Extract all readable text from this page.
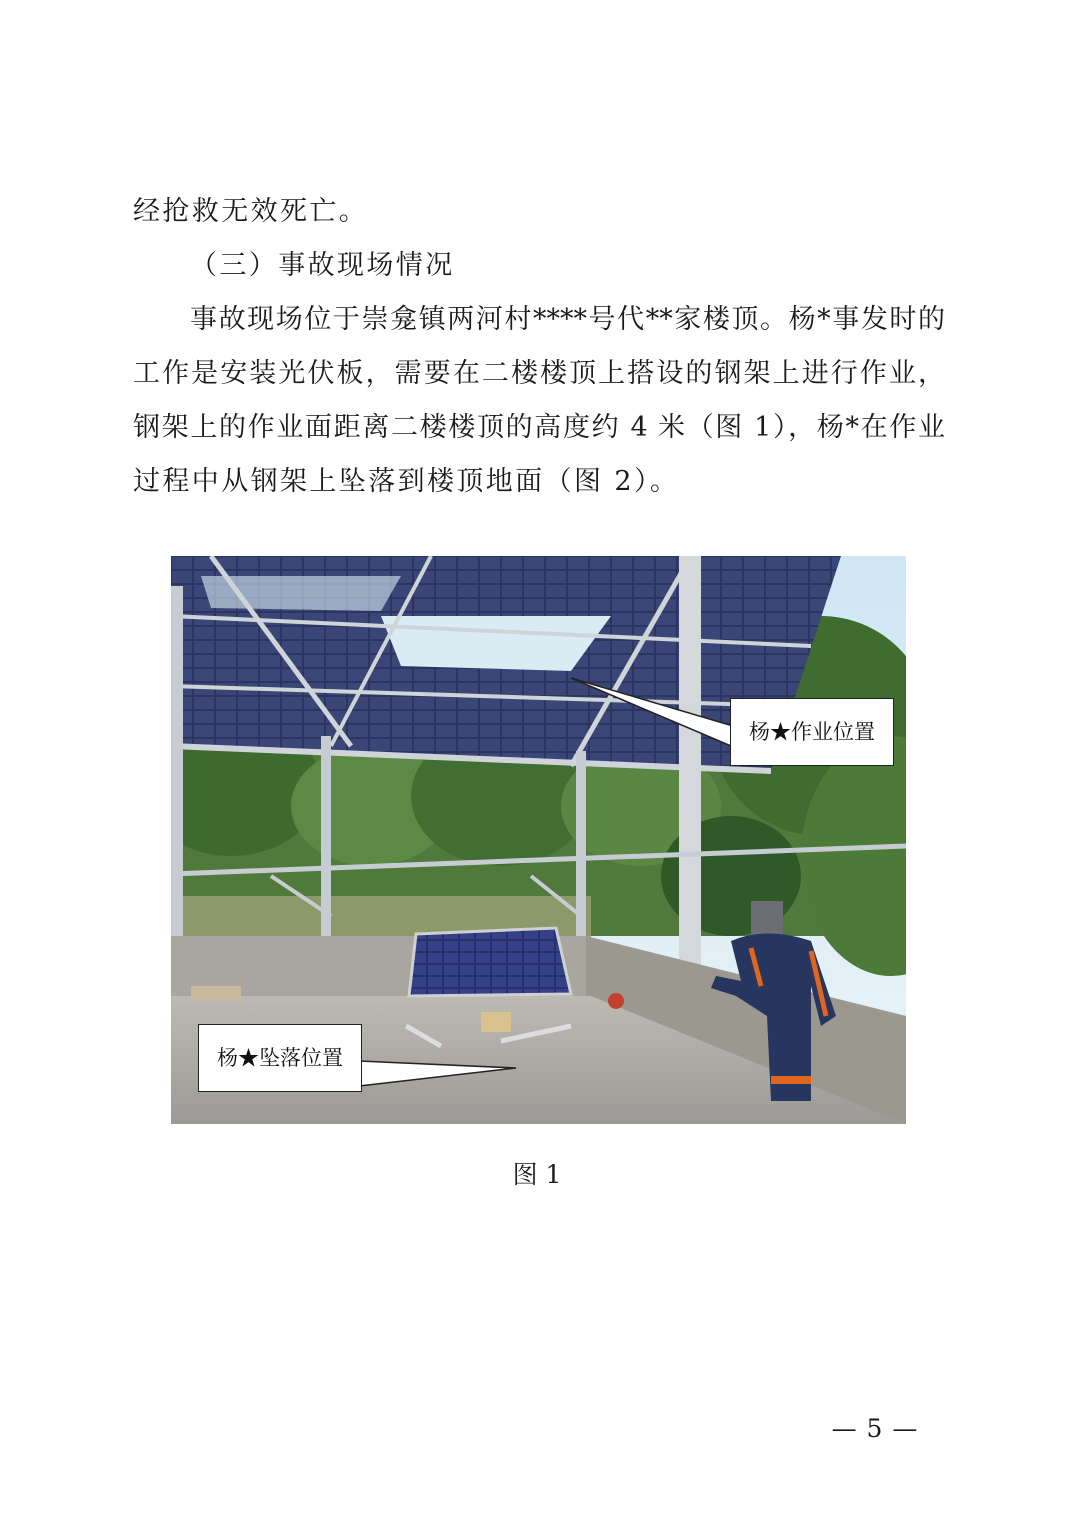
经抢救无效死亡。
（三）事故现场情况
事故现场位于崇龛镇两河村****号代**家楼顶。杨*事发时的
工作是安装光伏板，需要在二楼楼顶上搭设的钢架上进行作业，
钢架上的作业面距离二楼楼顶的高度约 4 米（图 1），杨*在作业
过程中从钢架上坠落到楼顶地面（图 2）。
杨★作业位置
杨★坠落位置
图 1
— 5 —
